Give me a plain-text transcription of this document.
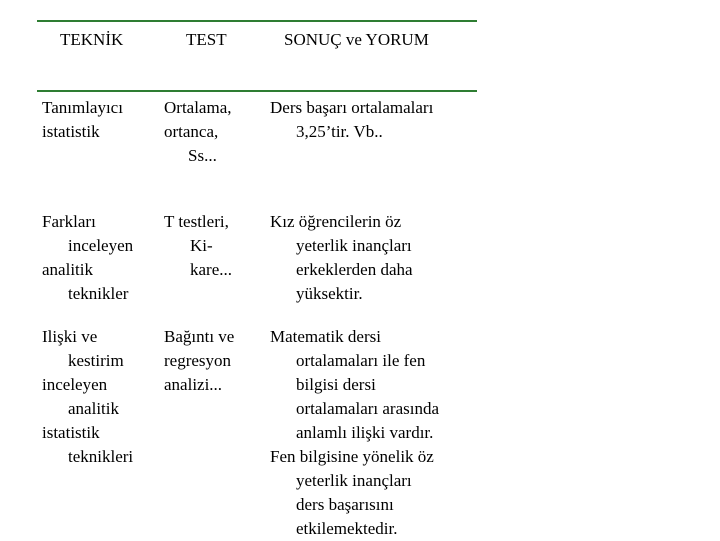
TEKNİK	TEST	SONUÇ ve YORUM
Tanımlayıcı
istatistik
Ortalama,
ortanca,
Ss...
Ders başarı ortalamaları
3,25’tir. Vb..
Farkları
inceleyen
analitik
teknikler
T testleri,
Ki-
kare...
Kız öğrencilerin öz
yeterlik inançları
erkeklerden daha
yüksektir.
Ilişki ve
kestirim
inceleyen
analitik
istatistik
teknikleri
Bağıntı ve
regresyon
analizi...
Matematik dersi
ortalamaları ile fen
bilgisi dersi
ortalamaları arasında
anlamlı ilişki vardır.
Fen bilgisine yönelik öz
yeterlik inançları
ders başarısını
etkilemektedir.
